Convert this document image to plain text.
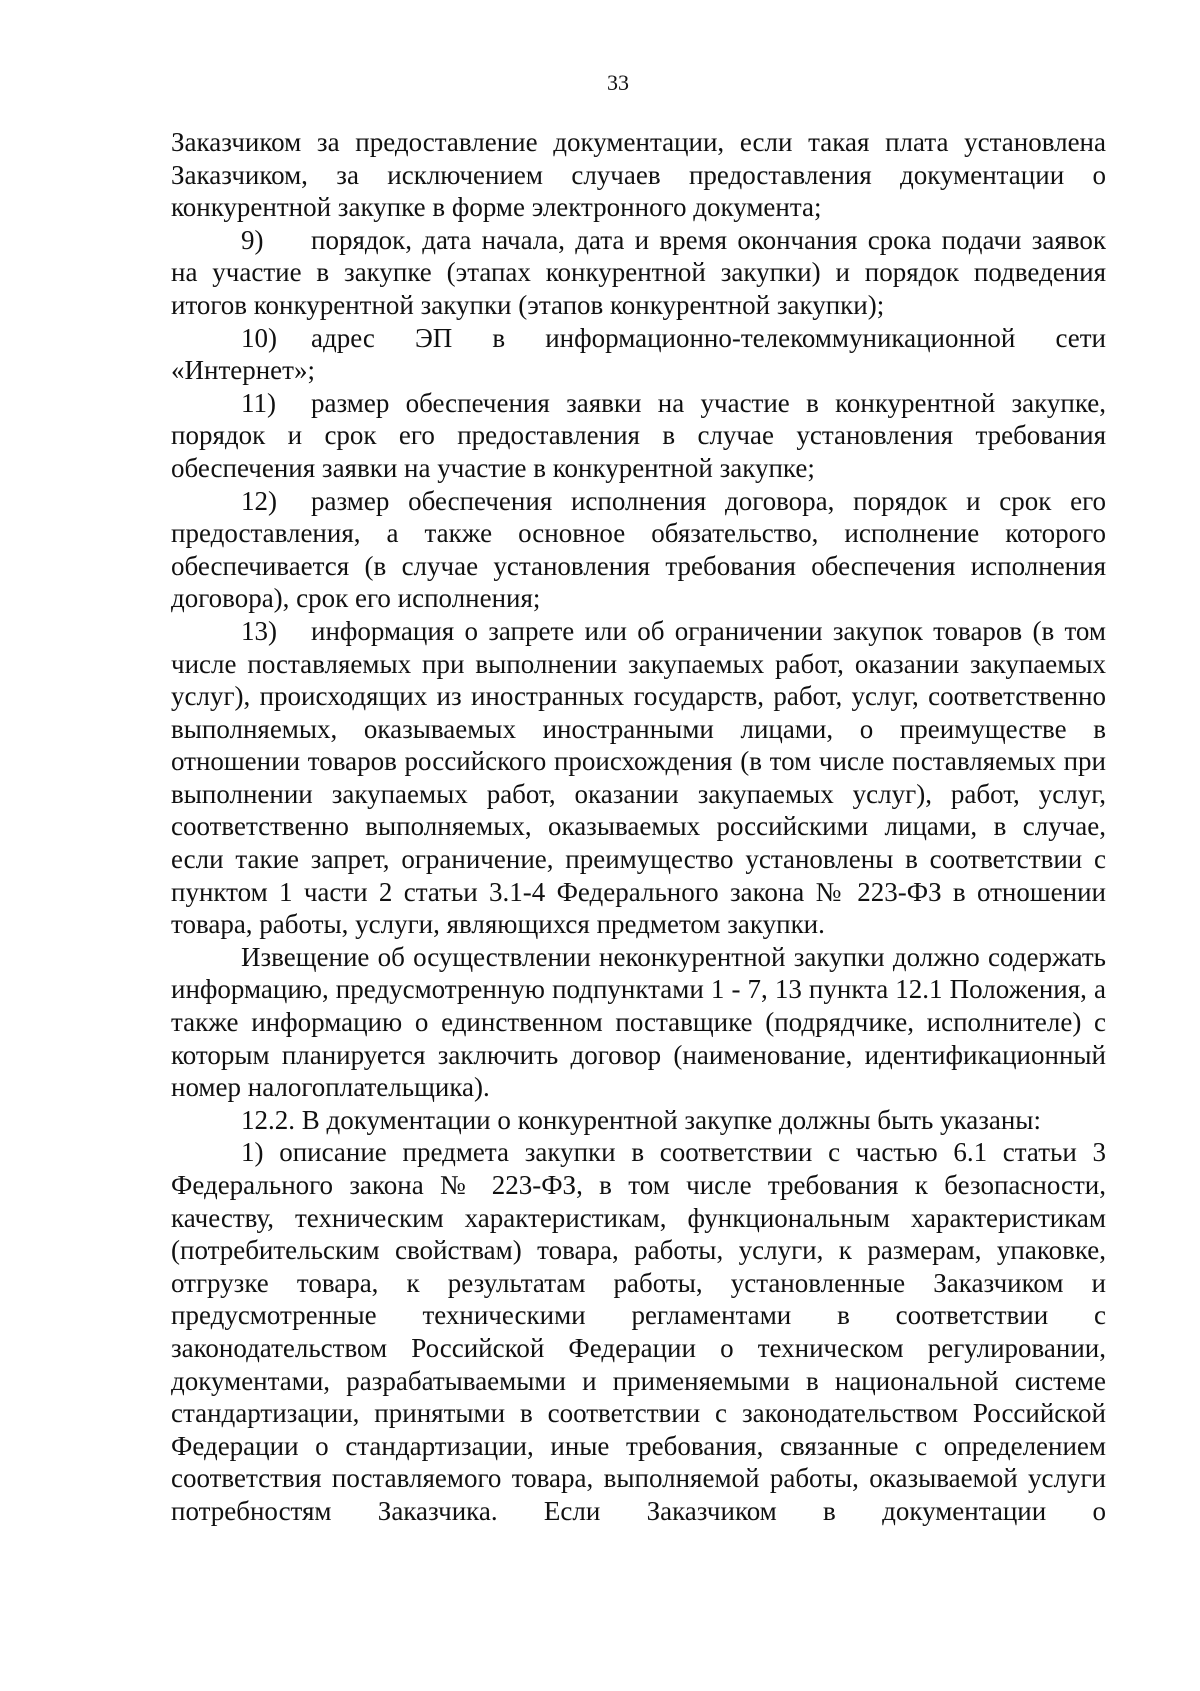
33

Заказчиком за предоставление документации, если такая плата установлена Заказчиком, за исключением случаев предоставления документации о конкурентной закупке в форме электронного документа;

9) порядок, дата начала, дата и время окончания срока подачи заявок на участие в закупке (этапах конкурентной закупки) и порядок подведения итогов конкурентной закупки (этапов конкурентной закупки);

10) адрес ЭП в информационно-телекоммуникационной сети «Интернет»;

11) размер обеспечения заявки на участие в конкурентной закупке, порядок и срок его предоставления в случае установления требования обеспечения заявки на участие в конкурентной закупке;

12) размер обеспечения исполнения договора, порядок и срок его предоставления, а также основное обязательство, исполнение которого обеспечивается (в случае установления требования обеспечения исполнения договора), срок его исполнения;

13) информация о запрете или об ограничении закупок товаров (в том числе поставляемых при выполнении закупаемых работ, оказании закупаемых услуг), происходящих из иностранных государств, работ, услуг, соответственно выполняемых, оказываемых иностранными лицами, о преимуществе в отношении товаров российского происхождения (в том числе поставляемых при выполнении закупаемых работ, оказании закупаемых услуг), работ, услуг, соответственно выполняемых, оказываемых российскими лицами, в случае, если такие запрет, ограничение, преимущество установлены в соответствии с пунктом 1 части 2 статьи 3.1-4 Федерального закона № 223-ФЗ в отношении товара, работы, услуги, являющихся предметом закупки.

Извещение об осуществлении неконкурентной закупки должно содержать информацию, предусмотренную подпунктами 1 - 7, 13 пункта 12.1 Положения, а также информацию о единственном поставщике (подрядчике, исполнителе) с которым планируется заключить договор (наименование, идентификационный номер налогоплательщика).

12.2. В документации о конкурентной закупке должны быть указаны:

1) описание предмета закупки в соответствии с частью 6.1 статьи 3 Федерального закона № 223-ФЗ, в том числе требования к безопасности, качеству, техническим характеристикам, функциональным характеристикам (потребительским свойствам) товара, работы, услуги, к размерам, упаковке, отгрузке товара, к результатам работы, установленные Заказчиком и предусмотренные техническими регламентами в соответствии с законодательством Российской Федерации о техническом регулировании, документами, разрабатываемыми и применяемыми в национальной системе стандартизации, принятыми в соответствии с законодательством Российской Федерации о стандартизации, иные требования, связанные с определением соответствия поставляемого товара, выполняемой работы, оказываемой услуги потребностям Заказчика. Если Заказчиком в документации о
